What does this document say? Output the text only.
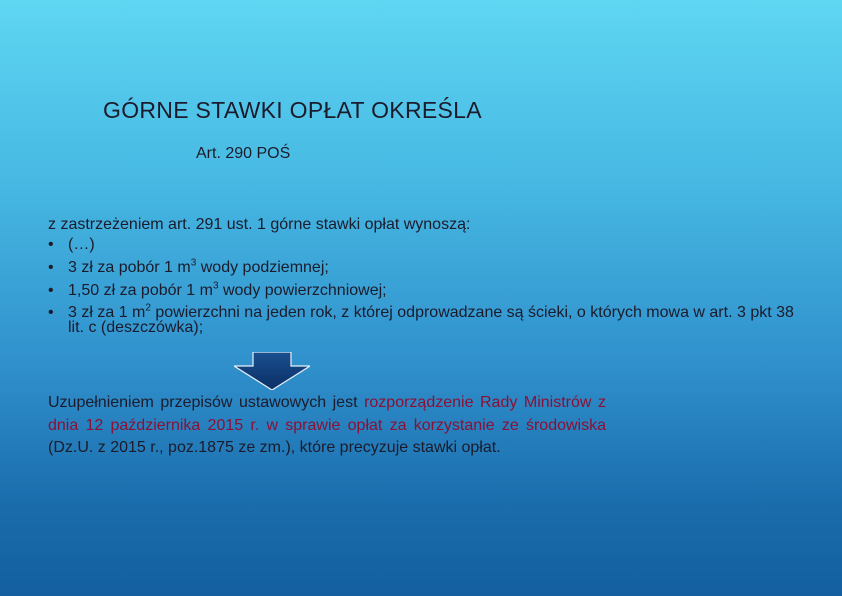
GÓRNE STAWKI OPŁAT OKREŚLA
Art. 290 POŚ
z zastrzeżeniem art. 291 ust. 1 górne stawki opłat wynoszą:
• (…)
• 3 zł za pobór 1 $m^3$ wody podziemnej;
• 1,50 zł za pobór 1 $m^3$ wody powierzchniowej;
• 3 zł za 1 $m^2$ powierzchni na jeden rok, z której odprowadzane są ścieki, o których mowa w art. 3 pkt 38 lit. c (deszczówka);
Uzupełnieniem przepisów ustawowych jest rozporządzenie Rady Ministrów z dnia 12 października 2015 r. w sprawie opłat za korzystanie ze środowiska (Dz.U. z 2015 r., poz.1875 ze zm.), które precyzuje stawki opłat.
